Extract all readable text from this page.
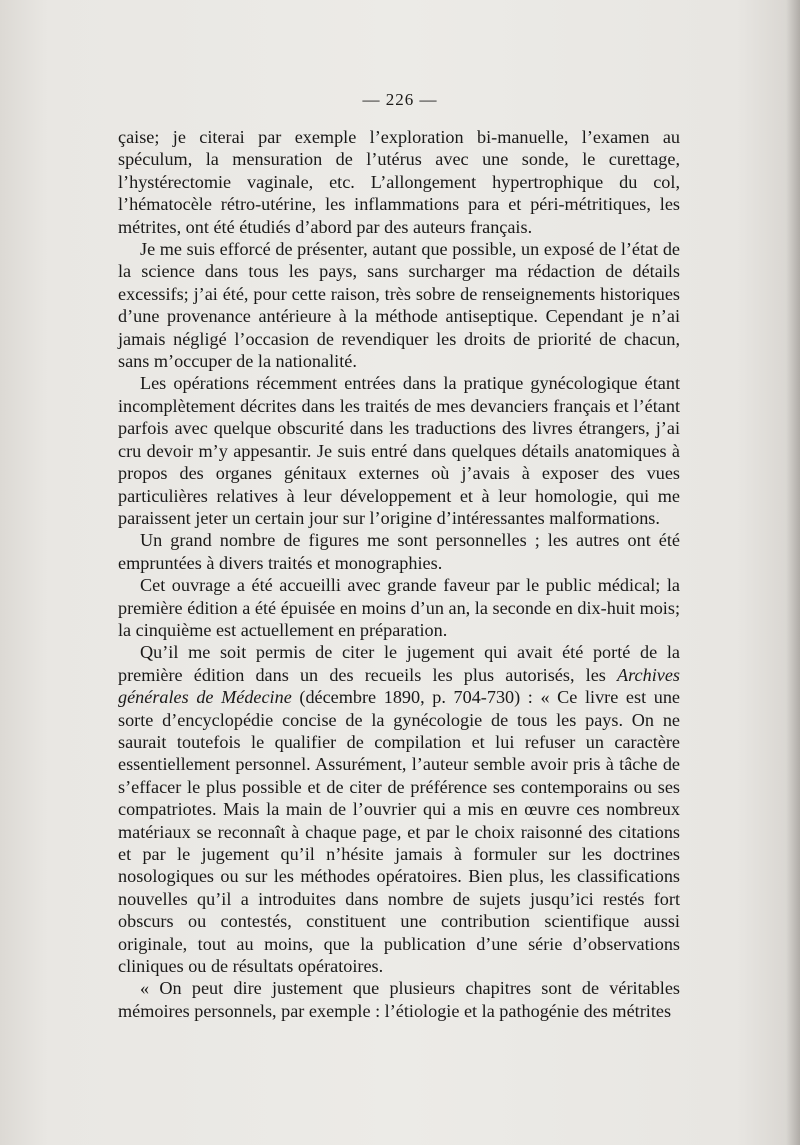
— 226 —

çaise; je citerai par exemple l’exploration bi-manuelle, l’examen au spéculum, la mensuration de l’utérus avec une sonde, le curettage, l’hystérectomie vaginale, etc. L’allongement hypertrophique du col, l’hématocèle rétro-utérine, les inflammations para et péri-métritiques, les métrites, ont été étudiés d’abord par des auteurs français.

Je me suis efforcé de présenter, autant que possible, un exposé de l’état de la science dans tous les pays, sans surcharger ma rédaction de détails excessifs; j’ai été, pour cette raison, très sobre de renseignements historiques d’une provenance antérieure à la méthode antiseptique. Cependant je n’ai jamais négligé l’occasion de revendiquer les droits de priorité de chacun, sans m’occuper de la nationalité.

Les opérations récemment entrées dans la pratique gynécologique étant incomplètement décrites dans les traités de mes devanciers français et l’étant parfois avec quelque obscurité dans les traductions des livres étrangers, j’ai cru devoir m’y appesantir. Je suis entré dans quelques détails anatomiques à propos des organes génitaux externes où j’avais à exposer des vues particulières relatives à leur développement et à leur homologie, qui me paraissent jeter un certain jour sur l’origine d’intéressantes malformations.

Un grand nombre de figures me sont personnelles ; les autres ont été empruntées à divers traités et monographies.

Cet ouvrage a été accueilli avec grande faveur par le public médical; la première édition a été épuisée en moins d’un an, la seconde en dix-huit mois; la cinquième est actuellement en préparation.

Qu’il me soit permis de citer le jugement qui avait été porté de la première édition dans un des recueils les plus autorisés, les Archives générales de Médecine (décembre 1890, p. 704-730) : « Ce livre est une sorte d’encyclopédie concise de la gynécologie de tous les pays. On ne saurait toutefois le qualifier de compilation et lui refuser un caractère essentiellement personnel. Assurément, l’auteur semble avoir pris à tâche de s’effacer le plus possible et de citer de préférence ses contemporains ou ses compatriotes. Mais la main de l’ouvrier qui a mis en œuvre ces nombreux matériaux se reconnaît à chaque page, et par le choix raisonné des citations et par le jugement qu’il n’hésite jamais à formuler sur les doctrines nosologiques ou sur les méthodes opératoires. Bien plus, les classifications nouvelles qu’il a introduites dans nombre de sujets jusqu’ici restés fort obscurs ou contestés, constituent une contribution scientifique aussi originale, tout au moins, que la publication d’une série d’observations cliniques ou de résultats opératoires.

« On peut dire justement que plusieurs chapitres sont de véritables mémoires personnels, par exemple : l’étiologie et la pathogénie des métrites
